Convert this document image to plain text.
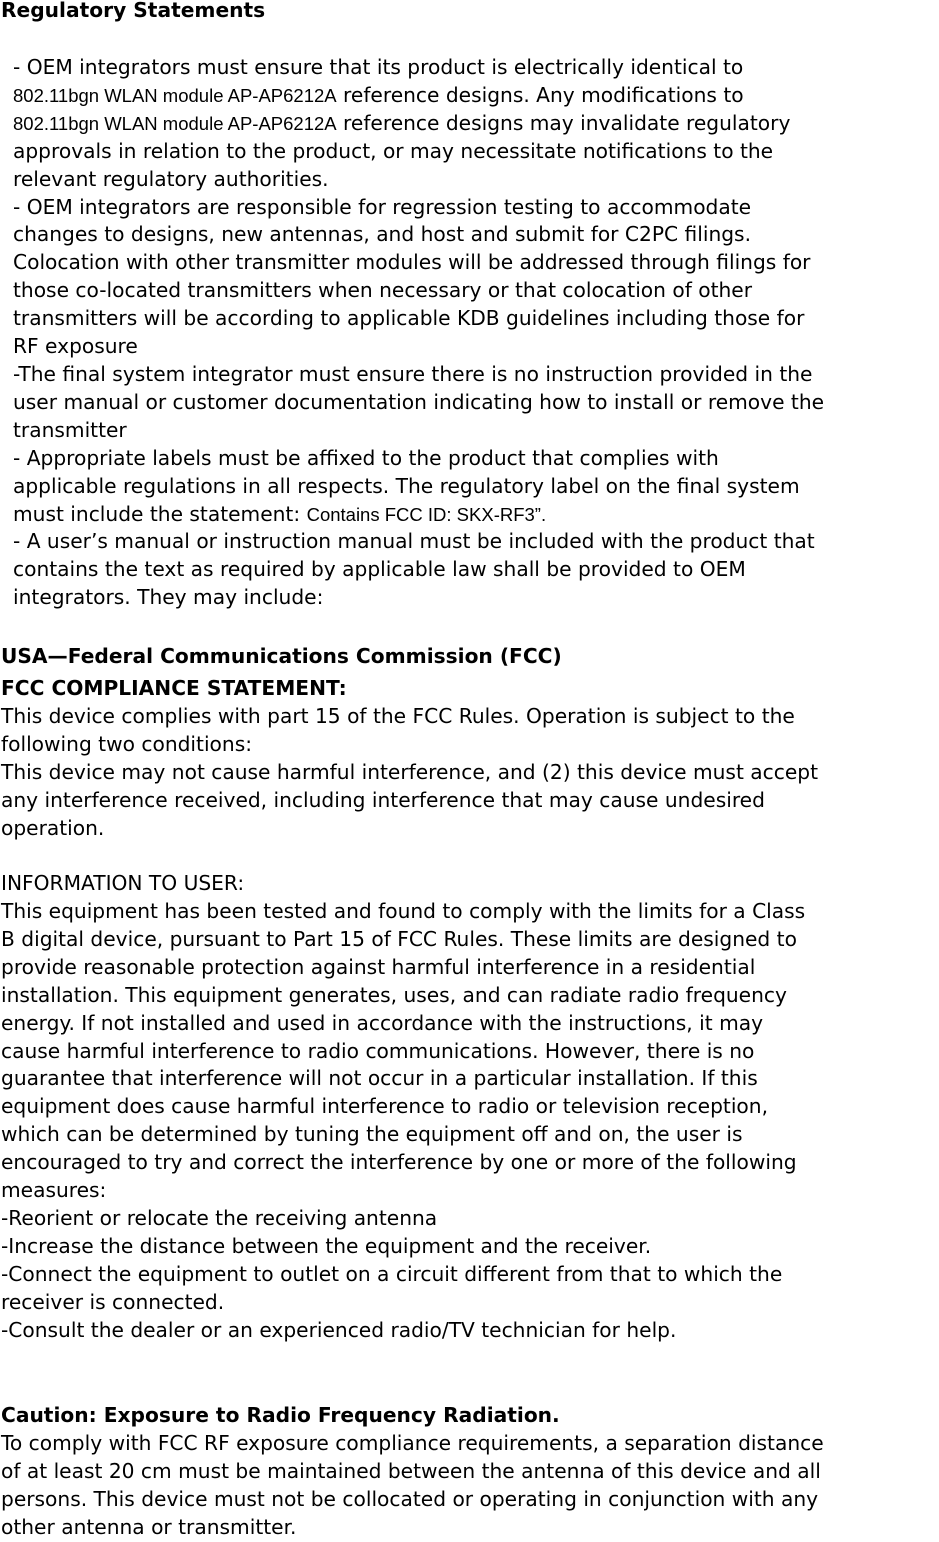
Regulatory Statements
- OEM integrators must ensure that its product is electrically identical to
802.11bgn WLAN module AP-AP6212A reference designs. Any modifications to
802.11bgn WLAN module AP-AP6212A reference designs may invalidate regulatory
approvals in relation to the product, or may necessitate notifications to the
relevant regulatory authorities.
- OEM integrators are responsible for regression testing to accommodate
changes to designs, new antennas, and host and submit for C2PC filings.
Colocation with other transmitter modules will be addressed through filings for
those co-located transmitters when necessary or that colocation of other
transmitters will be according to applicable KDB guidelines including those for
RF exposure
-The final system integrator must ensure there is no instruction provided in the
user manual or customer documentation indicating how to install or remove the
transmitter
- Appropriate labels must be affixed to the product that complies with
applicable regulations in all respects. The regulatory label on the final system
must include the statement: Contains FCC ID: SKX-RF3”.
- A user’s manual or instruction manual must be included with the product that
contains the text as required by applicable law shall be provided to OEM
integrators. They may include:
USA—Federal Communications Commission (FCC)
FCC COMPLIANCE STATEMENT:
This device complies with part 15 of the FCC Rules. Operation is subject to the
following two conditions:
This device may not cause harmful interference, and (2) this device must accept
any interference received, including interference that may cause undesired
operation.
INFORMATION TO USER:
This equipment has been tested and found to comply with the limits for a Class
B digital device, pursuant to Part 15 of FCC Rules. These limits are designed to
provide reasonable protection against harmful interference in a residential
installation. This equipment generates, uses, and can radiate radio frequency
energy. If not installed and used in accordance with the instructions, it may
cause harmful interference to radio communications. However, there is no
guarantee that interference will not occur in a particular installation. If this
equipment does cause harmful interference to radio or television reception,
which can be determined by tuning the equipment off and on, the user is
encouraged to try and correct the interference by one or more of the following
measures:
-Reorient or relocate the receiving antenna
-Increase the distance between the equipment and the receiver.
-Connect the equipment to outlet on a circuit different from that to which the
receiver is connected.
-Consult the dealer or an experienced radio/TV technician for help.
Caution: Exposure to Radio Frequency Radiation.
To comply with FCC RF exposure compliance requirements, a separation distance
of at least 20 cm must be maintained between the antenna of this device and all
persons. This device must not be collocated or operating in conjunction with any
other antenna or transmitter.
